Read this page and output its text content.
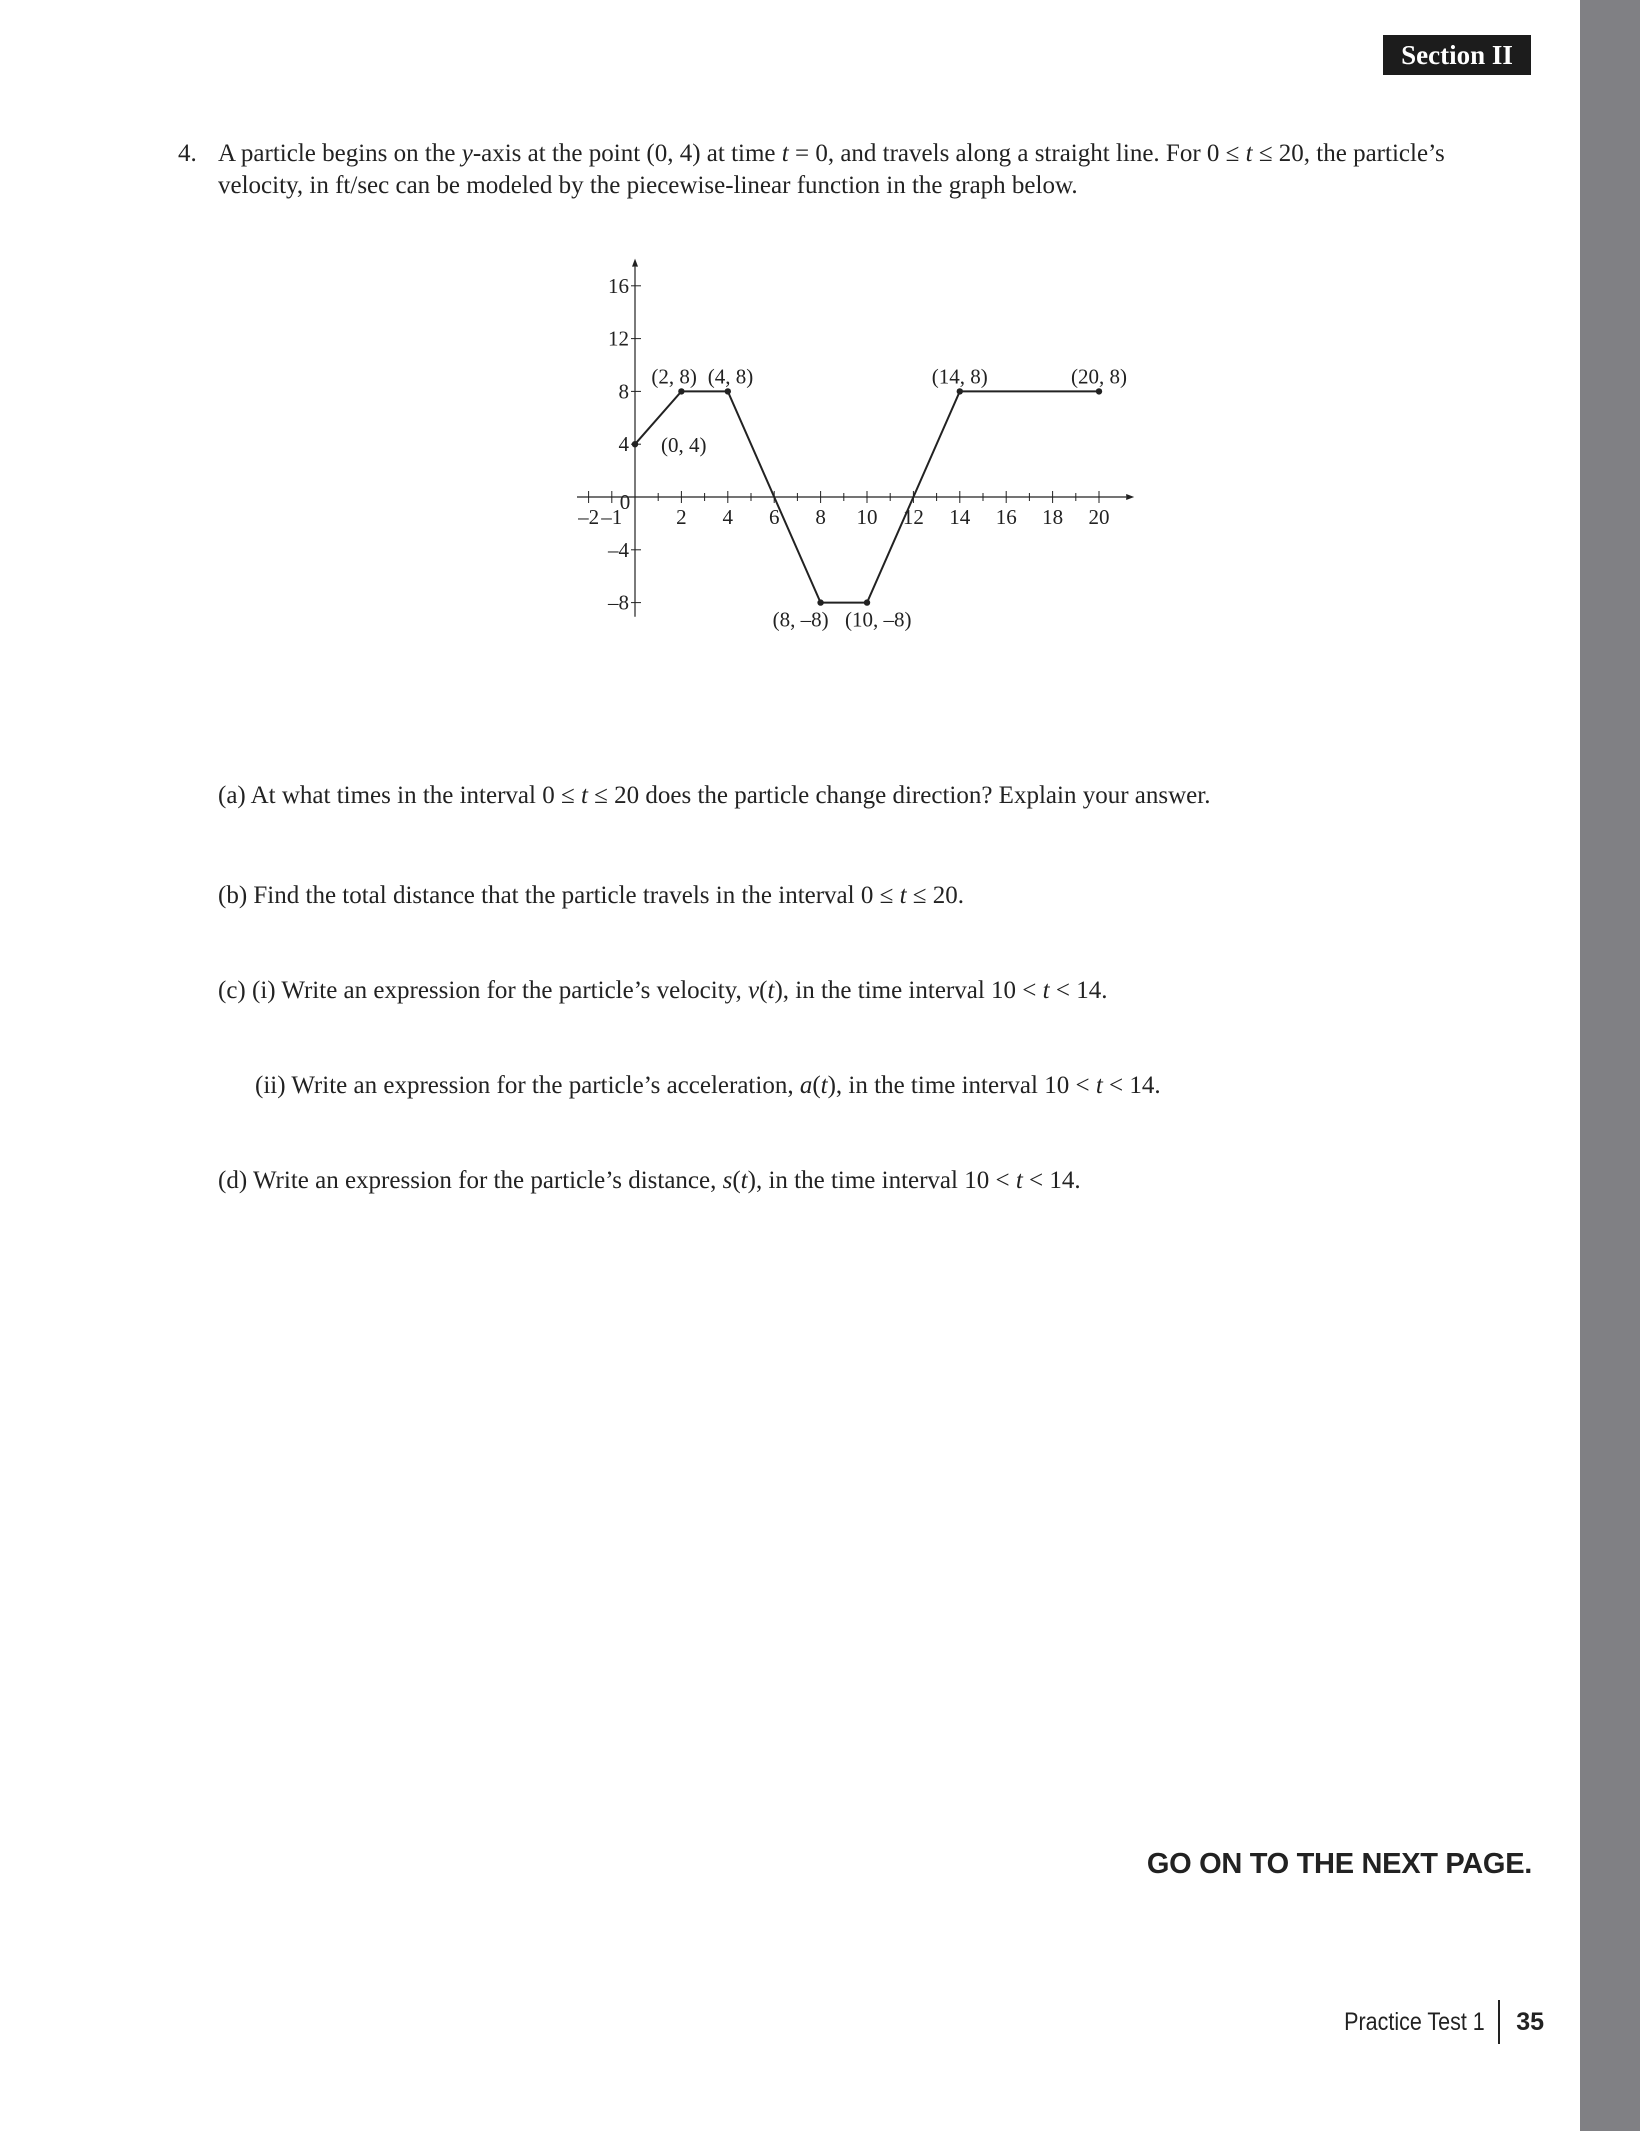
Section II
4. A particle begins on the y-axis at the point (0, 4) at time t = 0, and travels along a straight line. For 0 ≤ t ≤ 20, the particle’s velocity, in ft/sec can be modeled by the piecewise-linear function in the graph below.
–2 –1
0
2 4 6 8 10 12 14 16 18 20
16
12
8
4
–4
–8
(0, 4)
(2, 8) (4, 8)	(14, 8)	(20, 8)
(8, –8) (10, –8)
(a) At what times in the interval 0 ≤ t ≤ 20 does the particle change direction? Explain your answer.
(b) Find the total distance that the particle travels in the interval 0 ≤ t ≤ 20.
(c) (i) Write an expression for the particle’s velocity, v(t), in the time interval 10 < t < 14.
(ii) Write an expression for the particle’s acceleration, a(t), in the time interval 10 < t < 14.
(d) Write an expression for the particle’s distance, s(t), in the time interval 10 < t < 14.
GO ON TO THE NEXT PAGE.
Practice Test 1	35
